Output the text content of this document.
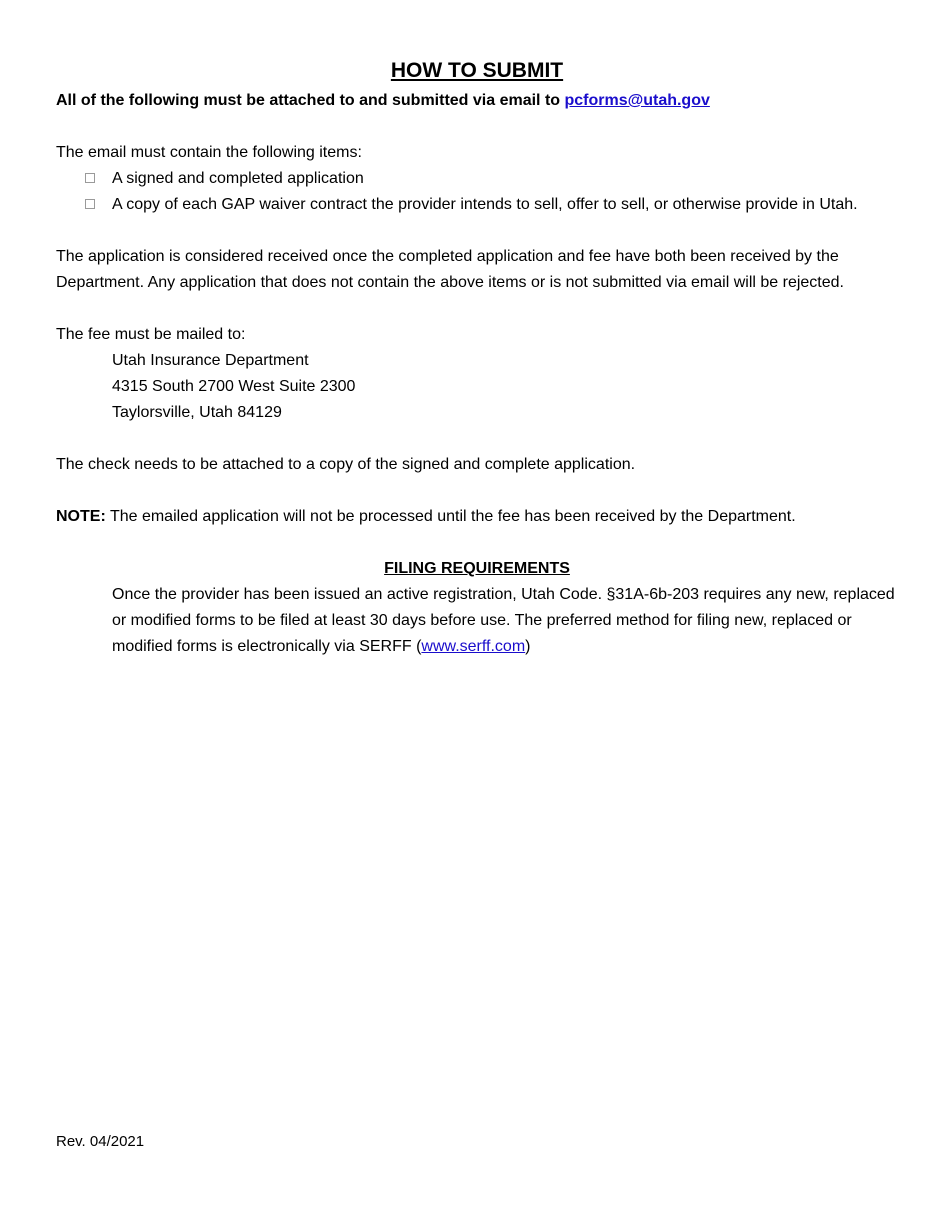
HOW TO SUBMIT

All of the following must be attached to and submitted via email to pcforms@utah.gov

The email must contain the following items:

A signed and completed application
A copy of each GAP waiver contract the provider intends to sell, offer to sell, or otherwise provide in Utah.

The application is considered received once the completed application and fee have both been received by the Department. Any application that does not contain the above items or is not submitted via email will be rejected.

The fee must be mailed to:

Utah Insurance Department
4315 South 2700 West Suite 2300
Taylorsville, Utah 84129

The check needs to be attached to a copy of the signed and complete application.

NOTE: The emailed application will not be processed until the fee has been received by the Department.

FILING REQUIREMENTS

Once the provider has been issued an active registration, Utah Code. §31A-6b-203 requires any new, replaced or modified forms to be filed at least 30 days before use. The preferred method for filing new, replaced or modified forms is electronically via SERFF (www.serff.com)

Rev. 04/2021
